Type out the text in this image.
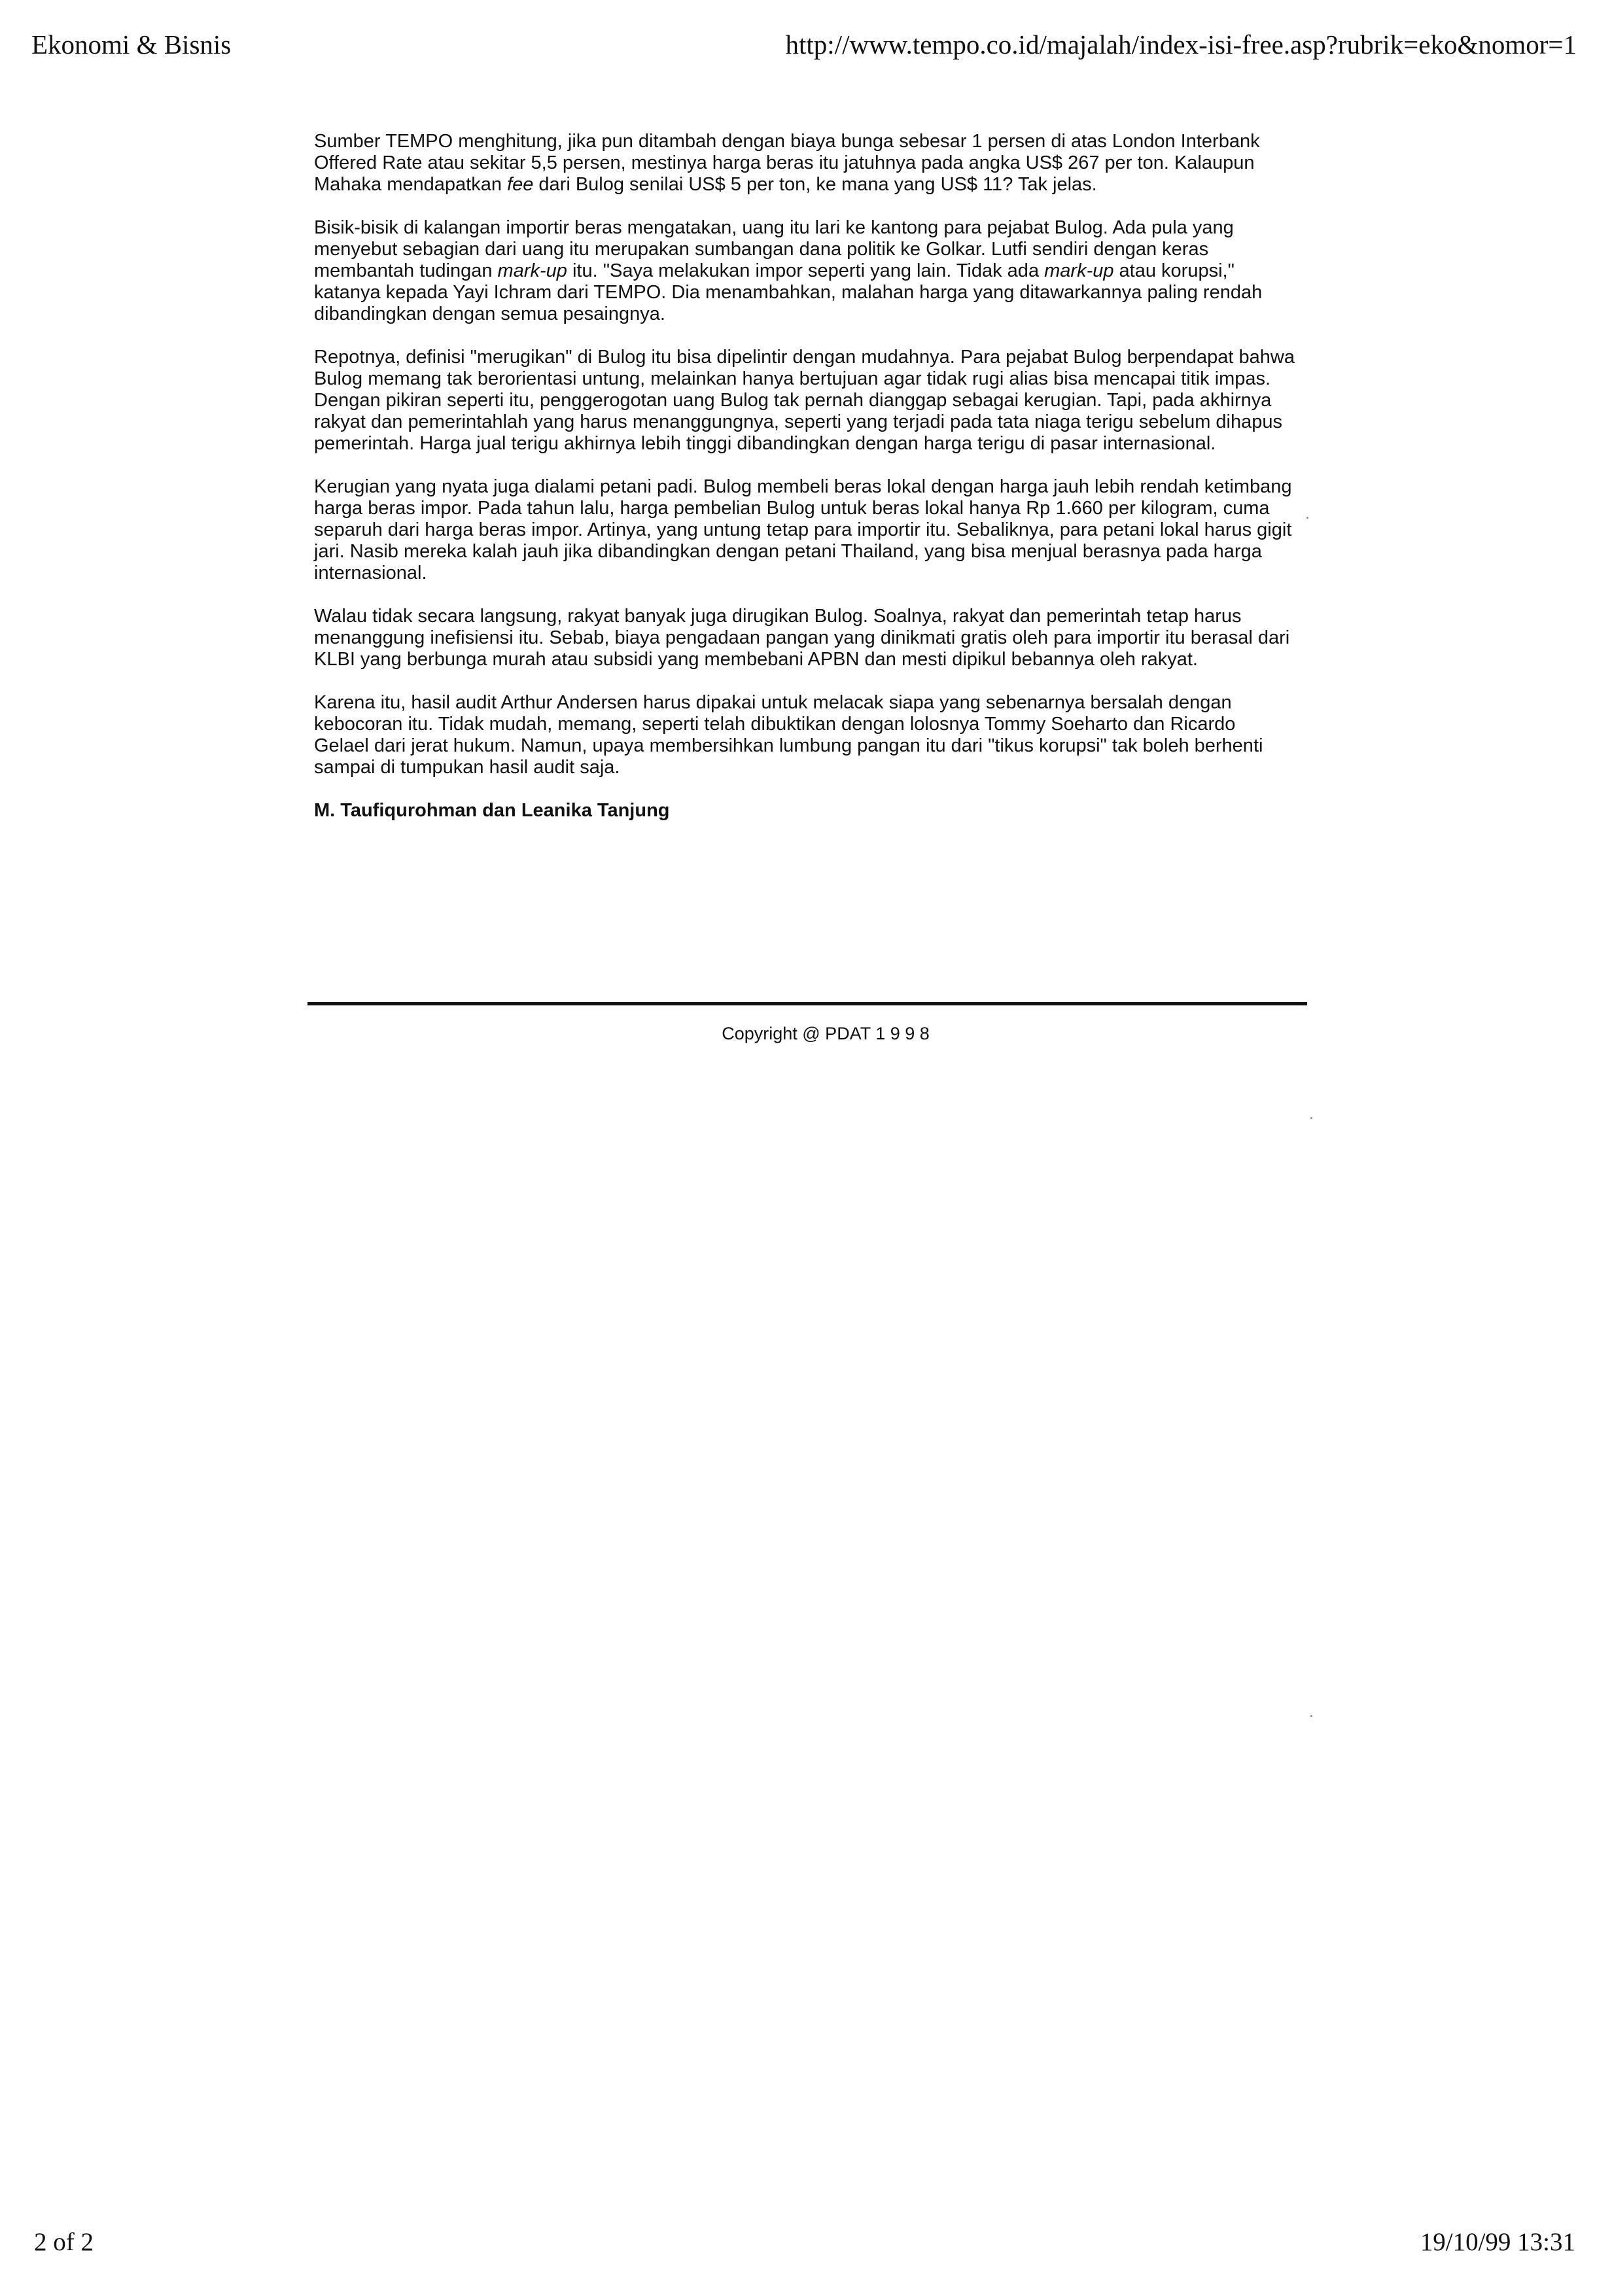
Ekonomi & Bisnis	http://www.tempo.co.id/majalah/index-isi-free.asp?rubrik=eko&nomor=1

Sumber TEMPO menghitung, jika pun ditambah dengan biaya bunga sebesar 1 persen di atas London Interbank Offered Rate atau sekitar 5,5 persen, mestinya harga beras itu jatuhnya pada angka US$ 267 per ton. Kalaupun Mahaka mendapatkan fee dari Bulog senilai US$ 5 per ton, ke mana yang US$ 11? Tak jelas.

Bisik-bisik di kalangan importir beras mengatakan, uang itu lari ke kantong para pejabat Bulog. Ada pula yang menyebut sebagian dari uang itu merupakan sumbangan dana politik ke Golkar. Lutfi sendiri dengan keras membantah tudingan mark-up itu. "Saya melakukan impor seperti yang lain. Tidak ada mark-up atau korupsi," katanya kepada Yayi Ichram dari TEMPO. Dia menambahkan, malahan harga yang ditawarkannya paling rendah dibandingkan dengan semua pesaingnya.

Repotnya, definisi "merugikan" di Bulog itu bisa dipelintir dengan mudahnya. Para pejabat Bulog berpendapat bahwa Bulog memang tak berorientasi untung, melainkan hanya bertujuan agar tidak rugi alias bisa mencapai titik impas. Dengan pikiran seperti itu, penggerogotan uang Bulog tak pernah dianggap sebagai kerugian. Tapi, pada akhirnya rakyat dan pemerintahlah yang harus menanggungnya, seperti yang terjadi pada tata niaga terigu sebelum dihapus pemerintah. Harga jual terigu akhirnya lebih tinggi dibandingkan dengan harga terigu di pasar internasional.

Kerugian yang nyata juga dialami petani padi. Bulog membeli beras lokal dengan harga jauh lebih rendah ketimbang harga beras impor. Pada tahun lalu, harga pembelian Bulog untuk beras lokal hanya Rp 1.660 per kilogram, cuma separuh dari harga beras impor. Artinya, yang untung tetap para importir itu. Sebaliknya, para petani lokal harus gigit jari. Nasib mereka kalah jauh jika dibandingkan dengan petani Thailand, yang bisa menjual berasnya pada harga internasional.

Walau tidak secara langsung, rakyat banyak juga dirugikan Bulog. Soalnya, rakyat dan pemerintah tetap harus menanggung inefisiensi itu. Sebab, biaya pengadaan pangan yang dinikmati gratis oleh para importir itu berasal dari KLBI yang berbunga murah atau subsidi yang membebani APBN dan mesti dipikul bebannya oleh rakyat.

Karena itu, hasil audit Arthur Andersen harus dipakai untuk melacak siapa yang sebenarnya bersalah dengan kebocoran itu. Tidak mudah, memang, seperti telah dibuktikan dengan lolosnya Tommy Soeharto dan Ricardo Gelael dari jerat hukum. Namun, upaya membersihkan lumbung pangan itu dari "tikus korupsi" tak boleh berhenti sampai di tumpukan hasil audit saja.

M. Taufiqurohman dan Leanika Tanjung
Copyright @ PDAT 1 9 9 8
2 of 2	19/10/99 13:31
